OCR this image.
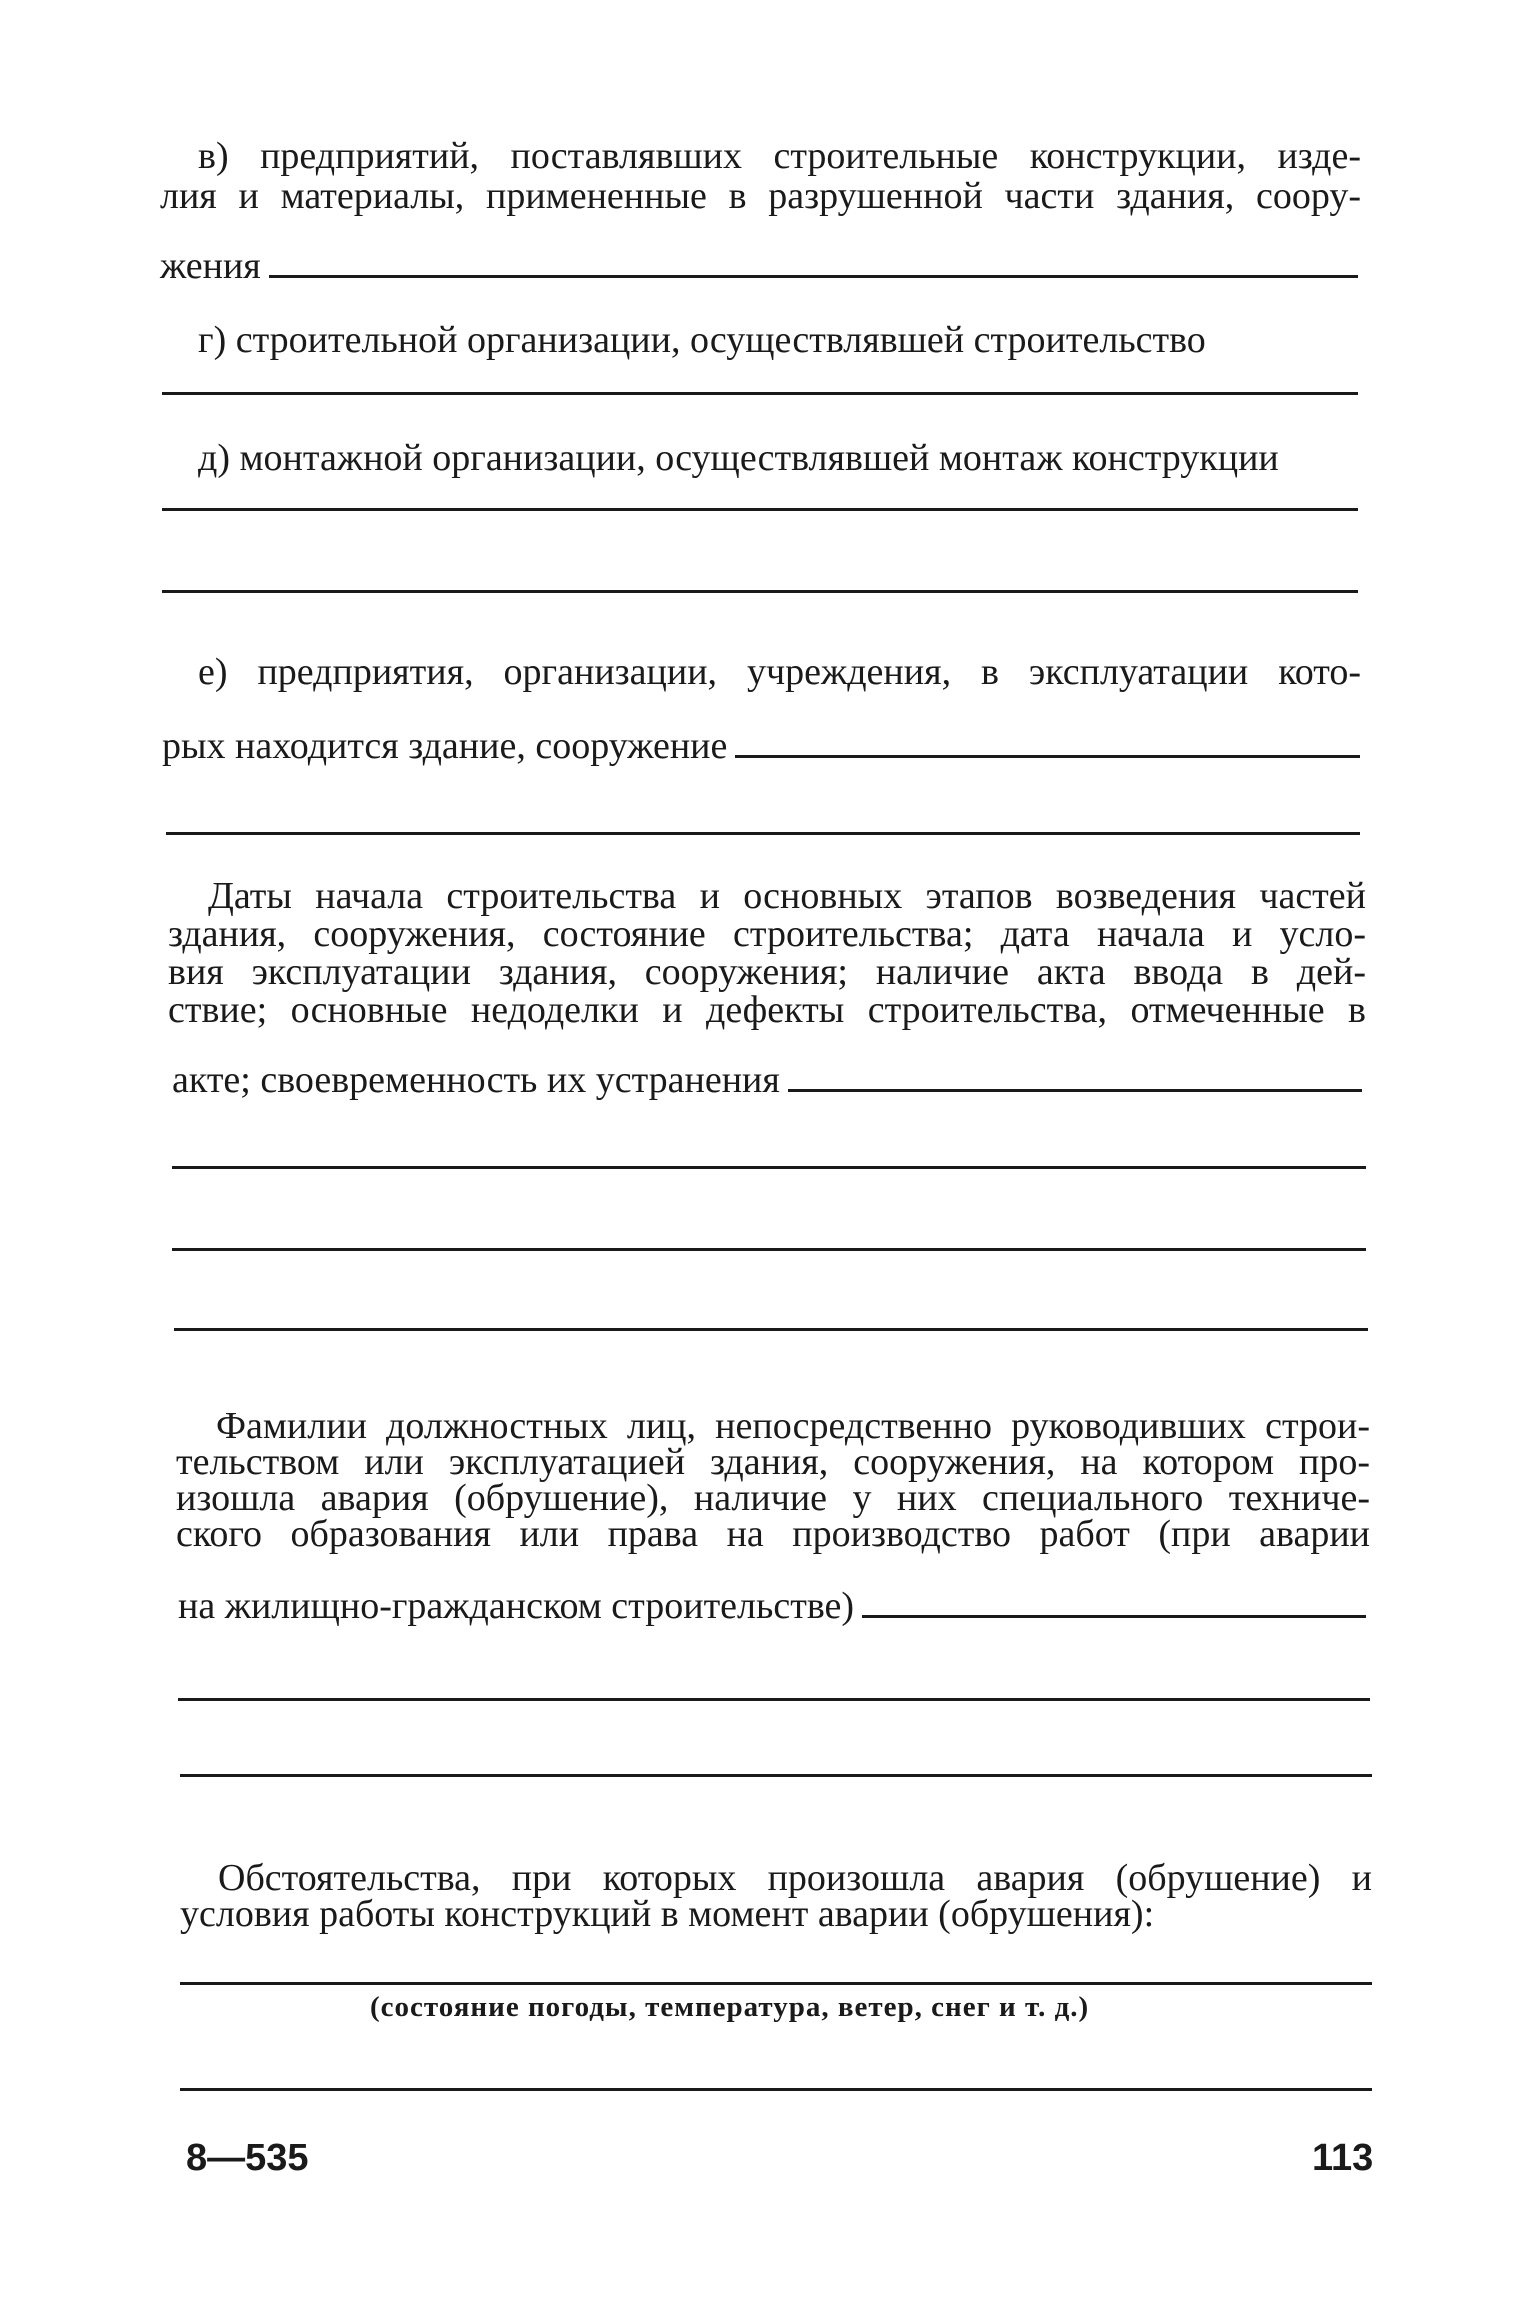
в) предприятий, поставлявших строительные конструкции, изде-
лия и материалы, примененные в разрушенной части здания, соору-
жения
г) строительной организации, осуществлявшей строительство
д) монтажной организации, осуществлявшей монтаж конструкции
е) предприятия, организации, учреждения, в эксплуатации кото-
рых находится здание, сооружение
Даты начала строительства и основных этапов возведения частей
здания, сооружения, состояние строительства; дата начала и усло-
вия эксплуатации здания, сооружения; наличие акта ввода в дей-
ствие; основные недоделки и дефекты строительства, отмеченные в
акте; своевременность их устранения
Фамилии должностных лиц, непосредственно руководивших строи-
тельством или эксплуатацией здания, сооружения, на котором про-
изошла авария (обрушение), наличие у них специального техниче-
ского образования или права на производство работ (при аварии
на жилищно-гражданском строительстве)
Обстоятельства, при которых произошла авария (обрушение) и
условия работы конструкций в момент аварии (обрушения):
(состояние погоды, температура, ветер, снег и т. д.)
8—535	113
